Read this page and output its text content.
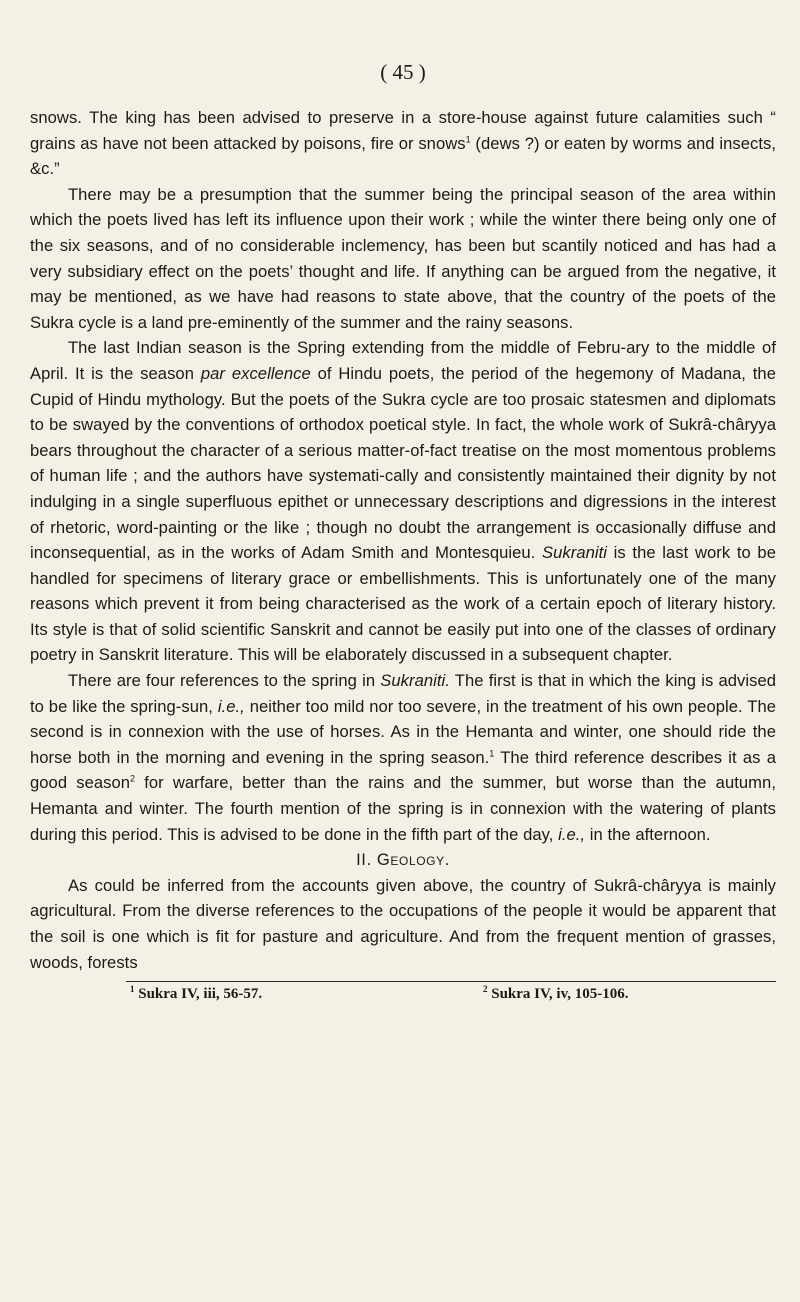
( 45 )

snows. The king has been advised to preserve in a store-house against future calamities such “ grains as have not been attacked by poisons, fire or snows$^1$ (dews ?) or eaten by worms and insects, &c.”

There may be a presumption that the summer being the principal season of the area within which the poets lived has left its influence upon their work ; while the winter there being only one of the six seasons, and of no considerable inclemency, has been but scantily noticed and has had a very subsidiary effect on the poets’ thought and life. If anything can be argued from the negative, it may be mentioned, as we have had reasons to state above, that the country of the poets of the Sukra cycle is a land pre-eminently of the summer and the rainy seasons.

The last Indian season is the Spring extending from the middle of Febru-ary to the middle of April. It is the season par excellence of Hindu poets, the period of the hegemony of Madana, the Cupid of Hindu mythology. But the poets of the Sukra cycle are too prosaic statesmen and diplomats to be swayed by the conventions of orthodox poetical style. In fact, the whole work of Sukrâ-châryya bears throughout the character of a serious matter-of-fact treatise on the most momentous problems of human life ; and the authors have systemati-cally and consistently maintained their dignity by not indulging in a single superfluous epithet or unnecessary descriptions and digressions in the interest of rhetoric, word-painting or the like ; though no doubt the arrangement is occasionally diffuse and inconsequential, as in the works of Adam Smith and Montesquieu. Sukraniti is the last work to be handled for specimens of literary grace or embellishments. This is unfortunately one of the many reasons which prevent it from being characterised as the work of a certain epoch of literary history. Its style is that of solid scientific Sanskrit and cannot be easily put into one of the classes of ordinary poetry in Sanskrit literature. This will be elaborately discussed in a subsequent chapter.

There are four references to the spring in Sukraniti. The first is that in which the king is advised to be like the spring-sun, i.e., neither too mild nor too severe, in the treatment of his own people. The second is in connexion with the use of horses. As in the Hemanta and winter, one should ride the horse both in the morning and evening in the spring season.$^1$ The third reference describes it as a good season$^2$ for warfare, better than the rains and the summer, but worse than the autumn, Hemanta and winter. The fourth mention of the spring is in connexion with the watering of plants during this period. This is advised to be done in the fifth part of the day, i.e., in the afternoon.

II. Geology.

As could be inferred from the accounts given above, the country of Sukrâ-châryya is mainly agricultural. From the diverse references to the occupations of the people it would be apparent that the soil is one which is fit for pasture and agriculture. And from the frequent mention of grasses, woods, forests

$^1$ Sukra IV, iii, 56-57.	$^2$ Sukra IV, iv, 105-106.
